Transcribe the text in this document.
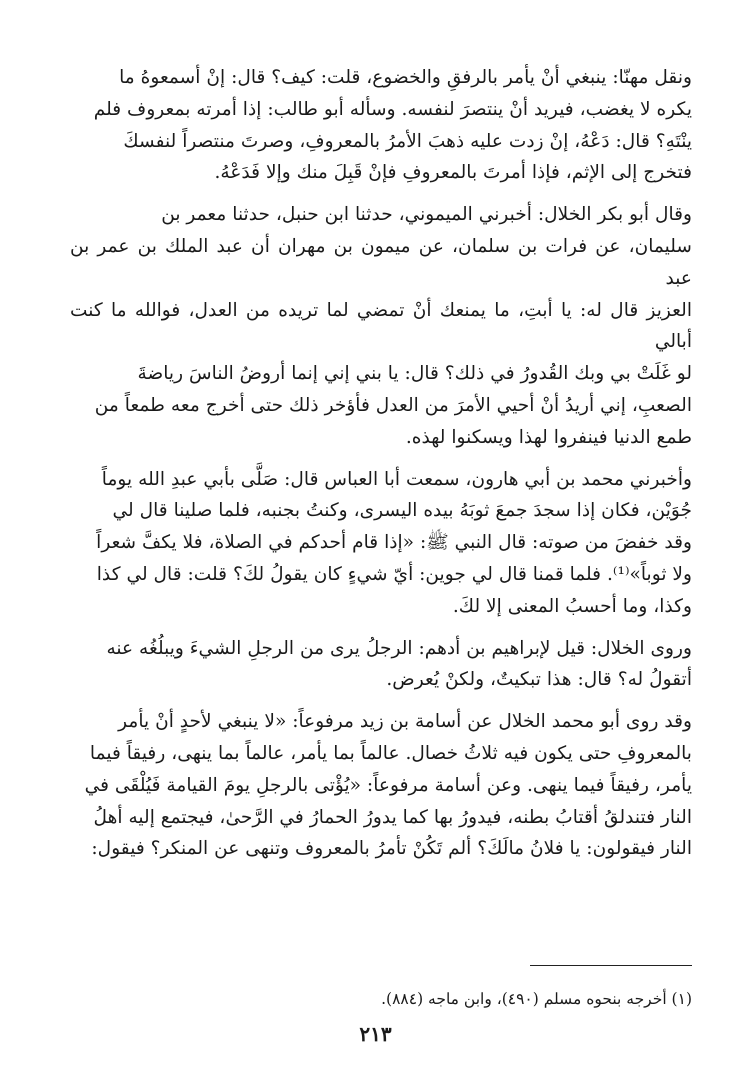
ونقل مهنّا: ينبغي أنْ يأمر بالرفقِ والخضوع، قلت: كيف؟ قال: إنْ أسمعوهُ ما
يكره لا يغضب، فيريد أنْ ينتصرَ لنفسه. وسأله أبو طالب: إذا أمرته بمعروف فلم
ينْتَهِ؟ قال: دَعْهُ، إنْ زدت عليه ذهبَ الأمرُ بالمعروفِ، وصرتَ منتصراً لنفسكَ
فتخرج إلى الإثم، فإذا أمرتَ بالمعروفِ فإنْ قَبِلَ منك وإلا فَدَعْهُ.

وقال أبو بكر الخلال: أخبرني الميموني، حدثنا ابن حنبل، حدثنا معمر بن
سليمان، عن فرات بن سلمان، عن ميمون بن مهران أن عبد الملك بن عمر بن عبد
العزيز قال له: يا أبتِ، ما يمنعك أنْ تمضي لما تريده من العدل، فوالله ما كنت أبالي
لو غَلَتْ بي وبك القُدورُ في ذلك؟ قال: يا بني إني إنما أروضُ الناسَ رياضةَ
الصعبِ، إني أريدُ أنْ أحيي الأمرَ من العدل فأؤخر ذلك حتى أخرج معه طمعاً من
طمع الدنيا فينفروا لهذا ويسكنوا لهذه.

وأخبرني محمد بن أبي هارون، سمعت أبا العباس قال: صَلَّى بأبي عبدِ الله يوماً
جُوَيْن، فكان إذا سجدَ جمعَ ثوبَهُ بيده اليسرى، وكنتُ بجنبه، فلما صلينا قال لي
وقد خفضَ من صوته: قال النبي ﷺ: «إذا قام أحدكم في الصلاة، فلا يكفَّ شعراً
ولا ثوباً»⁽¹⁾. فلما قمنا قال لي جوين: أيّ شيءٍ كان يقولُ لكَ؟ قلت: قال لي كذا
وكذا، وما أحسبُ المعنى إلا لكَ.

وروى الخلال: قيل لإبراهيم بن أدهم: الرجلُ يرى من الرجلِ الشيءَ ويبلُغُه عنه
أتقولُ له؟ قال: هذا تبكيتٌ، ولكنْ يُعرض.

وقد روى أبو محمد الخلال عن أسامة بن زيد مرفوعاً: «لا ينبغي لأحدٍ أنْ يأمر
بالمعروفِ حتى يكون فيه ثلاثُ خصال. عالماً بما يأمر، عالماً بما ينهى، رفيقاً فيما
يأمر، رفيقاً فيما ينهى. وعن أسامة مرفوعاً: «يُؤْتى بالرجلِ يومَ القيامة فَيُلْقَى في
النار فتندلقُ أقتابُ بطنه، فيدورُ بها كما يدورُ الحمارُ في الرَّحىٰ، فيجتمع إليه أهلُ
النار فيقولون: يا فلانُ مالَكَ؟ ألم تَكُنْ تأمرُ بالمعروف وتنهى عن المنكر؟ فيقول:

(١) أخرجه بنحوه مسلم (٤٩٠)، وابن ماجه (٨٨٤).
٢١٣
